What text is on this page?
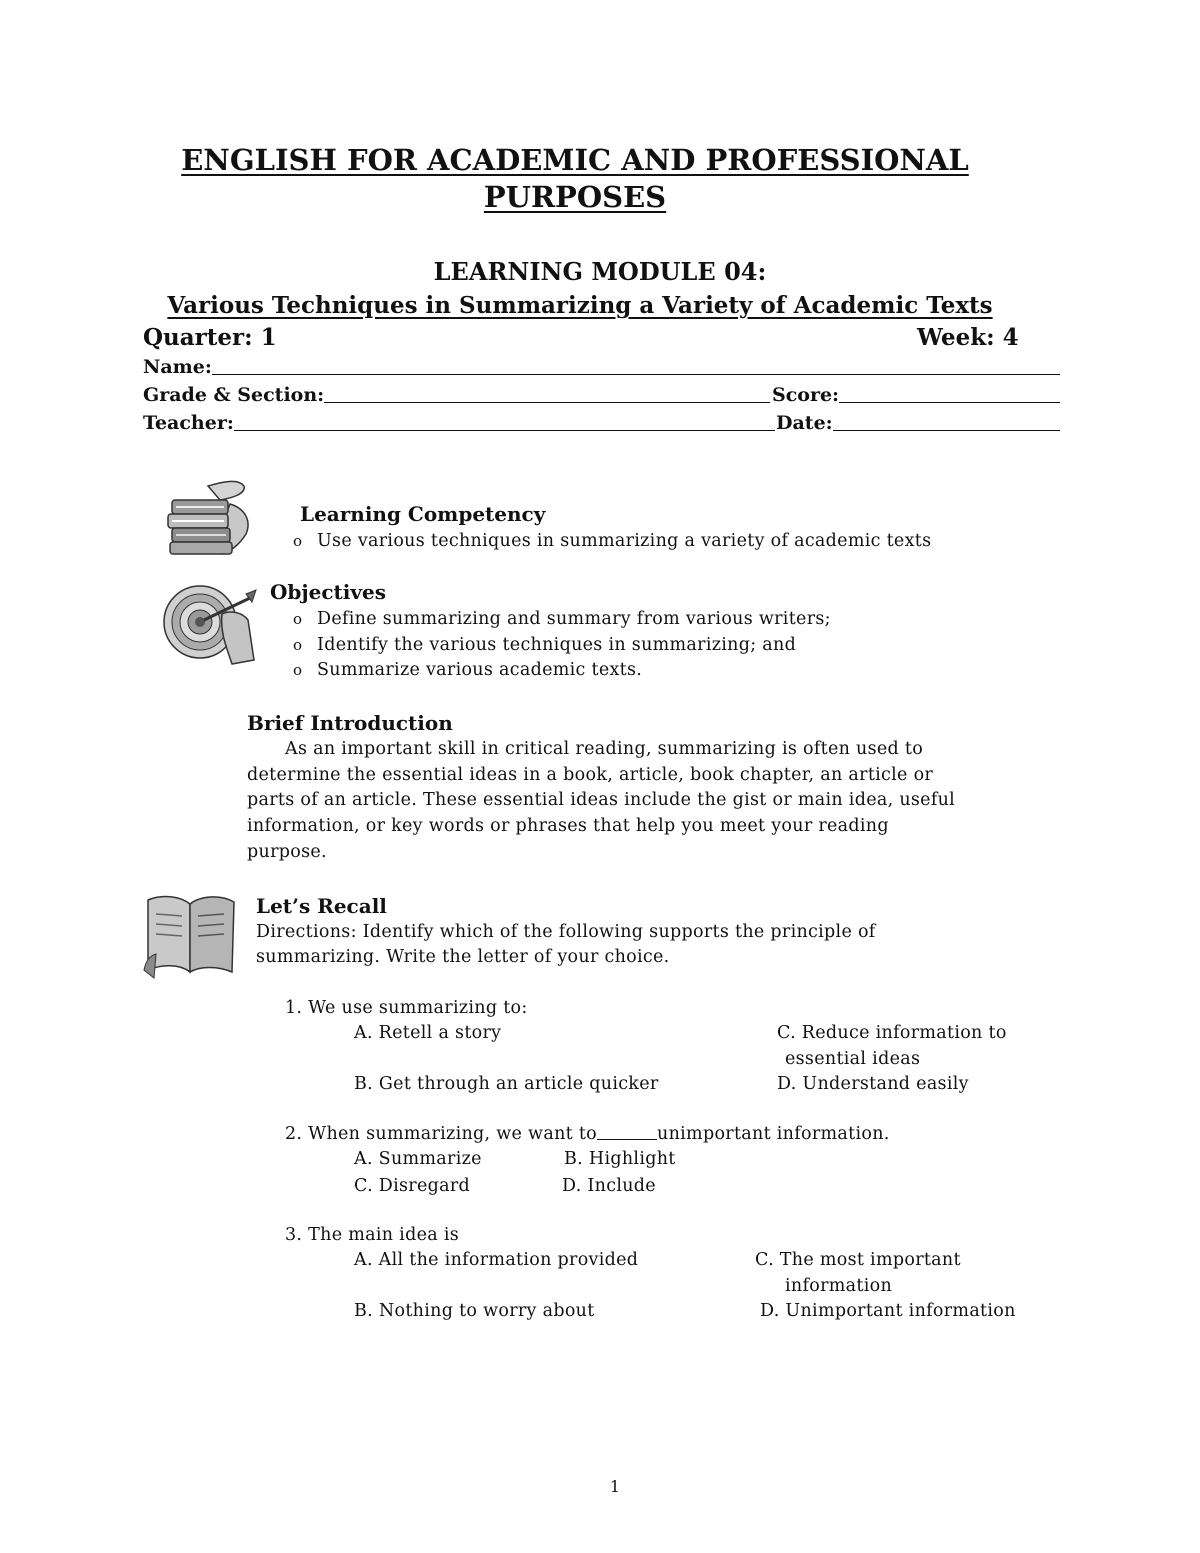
ENGLISH FOR ACADEMIC AND PROFESSIONAL
PURPOSES
LEARNING MODULE 04:
Various Techniques in Summarizing a Variety of Academic Texts
Quarter: 1	Week: 4
Name:
Grade & Section:	Score:
Teacher:	Date:
Learning Competency
o Use various techniques in summarizing a variety of academic texts
Objectives
o Define summarizing and summary from various writers;
o Identify the various techniques in summarizing; and
o Summarize various academic texts.
Brief Introduction
As an important skill in critical reading, summarizing is often used to
determine the essential ideas in a book, article, book chapter, an article or
parts of an article. These essential ideas include the gist or main idea, useful
information, or key words or phrases that help you meet your reading
purpose.
Let’s Recall
Directions: Identify which of the following supports the principle of
summarizing. Write the letter of your choice.
1. We use summarizing to:
A. Retell a story	C. Reduce information to
essential ideas
B. Get through an article quicker	D. Understand easily
2. When summarizing, we want to	unimportant information.
A. Summarize	B. Highlight
C. Disregard	D. Include
3. The main idea is
A. All the information provided	C. The most important
information
B. Nothing to worry about	D. Unimportant information
1
